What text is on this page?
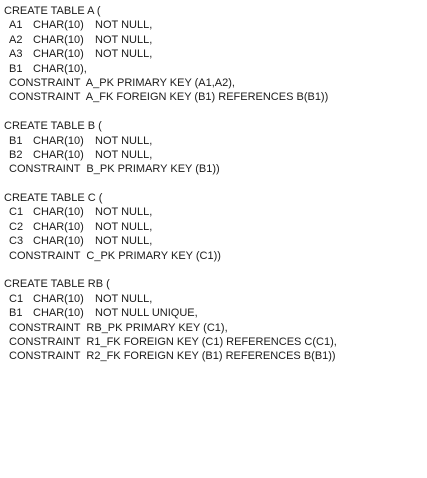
CREATE TABLE A (
A1 CHAR(10) NOT NULL,
A2 CHAR(10) NOT NULL,
A3 CHAR(10) NOT NULL,
B1 CHAR(10),
CONSTRAINT  A_PK PRIMARY KEY (A1,A2),
CONSTRAINT  A_FK FOREIGN KEY (B1) REFERENCES B(B1))
CREATE TABLE B (
B1 CHAR(10) NOT NULL,
B2 CHAR(10) NOT NULL,
CONSTRAINT  B_PK PRIMARY KEY (B1))
CREATE TABLE C (
C1 CHAR(10) NOT NULL,
C2 CHAR(10) NOT NULL,
C3 CHAR(10) NOT NULL,
CONSTRAINT  C_PK PRIMARY KEY (C1))
CREATE TABLE RB (
C1 CHAR(10) NOT NULL,
B1 CHAR(10) NOT NULL UNIQUE,
CONSTRAINT  RB_PK PRIMARY KEY (C1),
CONSTRAINT  R1_FK FOREIGN KEY (C1) REFERENCES C(C1),
CONSTRAINT  R2_FK FOREIGN KEY (B1) REFERENCES B(B1))
